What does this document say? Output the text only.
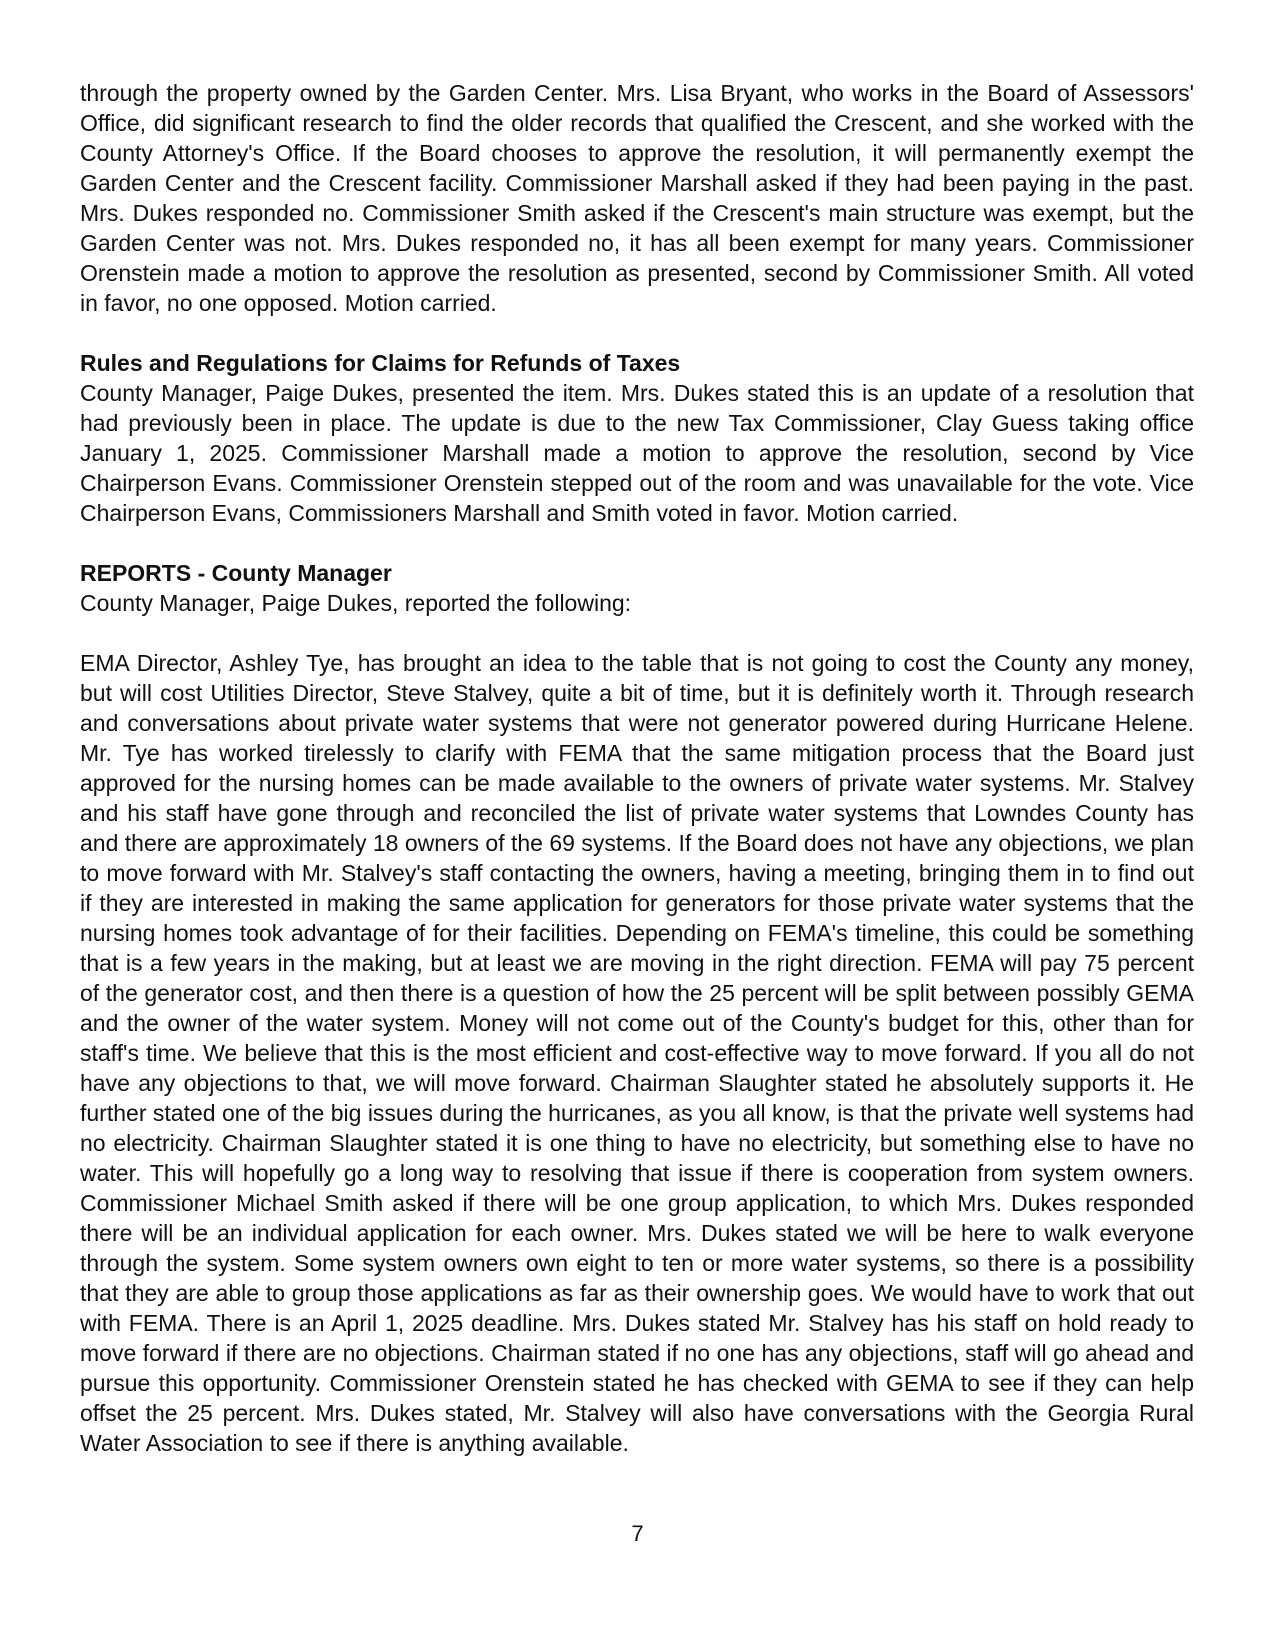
through the property owned by the Garden Center. Mrs. Lisa Bryant, who works in the Board of Assessors' Office, did significant research to find the older records that qualified the Crescent, and she worked with the County Attorney's Office. If the Board chooses to approve the resolution, it will permanently exempt the Garden Center and the Crescent facility. Commissioner Marshall asked if they had been paying in the past. Mrs. Dukes responded no. Commissioner Smith asked if the Crescent's main structure was exempt, but the Garden Center was not. Mrs. Dukes responded no, it has all been exempt for many years. Commissioner Orenstein made a motion to approve the resolution as presented, second by Commissioner Smith. All voted in favor, no one opposed. Motion carried.

Rules and Regulations for Claims for Refunds of Taxes

County Manager, Paige Dukes, presented the item. Mrs. Dukes stated this is an update of a resolution that had previously been in place. The update is due to the new Tax Commissioner, Clay Guess taking office January 1, 2025. Commissioner Marshall made a motion to approve the resolution, second by Vice Chairperson Evans. Commissioner Orenstein stepped out of the room and was unavailable for the vote. Vice Chairperson Evans, Commissioners Marshall and Smith voted in favor. Motion carried.

REPORTS - County Manager

County Manager, Paige Dukes, reported the following:

EMA Director, Ashley Tye, has brought an idea to the table that is not going to cost the County any money, but will cost Utilities Director, Steve Stalvey, quite a bit of time, but it is definitely worth it. Through research and conversations about private water systems that were not generator powered during Hurricane Helene. Mr. Tye has worked tirelessly to clarify with FEMA that the same mitigation process that the Board just approved for the nursing homes can be made available to the owners of private water systems. Mr. Stalvey and his staff have gone through and reconciled the list of private water systems that Lowndes County has and there are approximately 18 owners of the 69 systems. If the Board does not have any objections, we plan to move forward with Mr. Stalvey's staff contacting the owners, having a meeting, bringing them in to find out if they are interested in making the same application for generators for those private water systems that the nursing homes took advantage of for their facilities. Depending on FEMA's timeline, this could be something that is a few years in the making, but at least we are moving in the right direction. FEMA will pay 75 percent of the generator cost, and then there is a question of how the 25 percent will be split between possibly GEMA and the owner of the water system. Money will not come out of the County's budget for this, other than for staff's time. We believe that this is the most efficient and cost-effective way to move forward. If you all do not have any objections to that, we will move forward. Chairman Slaughter stated he absolutely supports it. He further stated one of the big issues during the hurricanes, as you all know, is that the private well systems had no electricity. Chairman Slaughter stated it is one thing to have no electricity, but something else to have no water. This will hopefully go a long way to resolving that issue if there is cooperation from system owners. Commissioner Michael Smith asked if there will be one group application, to which Mrs. Dukes responded there will be an individual application for each owner. Mrs. Dukes stated we will be here to walk everyone through the system. Some system owners own eight to ten or more water systems, so there is a possibility that they are able to group those applications as far as their ownership goes. We would have to work that out with FEMA. There is an April 1, 2025 deadline. Mrs. Dukes stated Mr. Stalvey has his staff on hold ready to move forward if there are no objections. Chairman stated if no one has any objections, staff will go ahead and pursue this opportunity. Commissioner Orenstein stated he has checked with GEMA to see if they can help offset the 25 percent. Mrs. Dukes stated, Mr. Stalvey will also have conversations with the Georgia Rural Water Association to see if there is anything available.

7
